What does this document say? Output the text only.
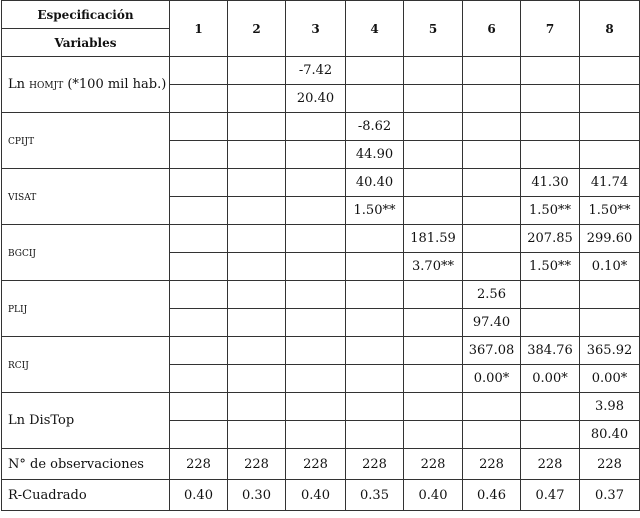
Especificación	1	2	3	4	5	6	7	8
Variables								
Ln homjt (*100 mil hab.)			-7.42					
			20.40					
cpijt				-8.62				
				44.90				
visat				40.40			41.30	41.74
				1.50**			1.50**	1.50**
bgcij					181.59		207.85	299.60
					3.70**		1.50**	0.10*
plij						2.56		
						97.40		
rcij						367.08	384.76	365.92
						0.00*	0.00*	0.00*
Ln DisTop								3.98
								80.40
N° de observaciones	228	228	228	228	228	228	228	228
R-Cuadrado	0.40	0.30	0.40	0.35	0.40	0.46	0.47	0.37
